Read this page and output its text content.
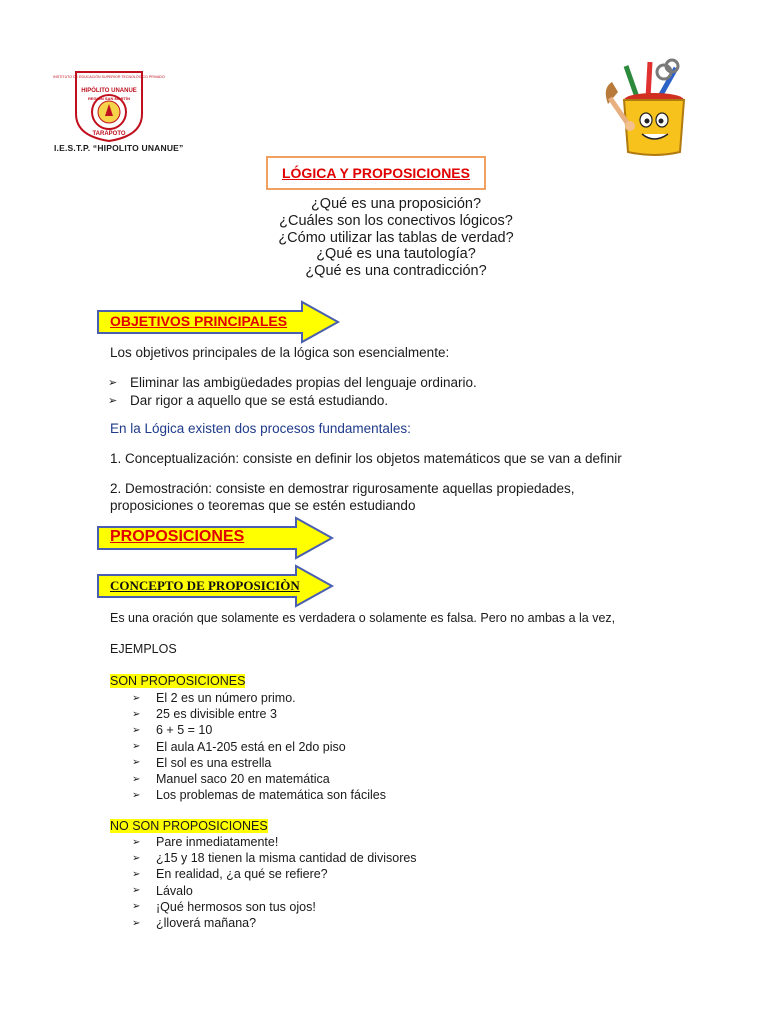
INSTITUTO DE EDUCACIÓN SUPERIOR TECNOLÓGICO PRIVADO
HIPÓLITO UNANUE
REGIÓN SAN MARTÍN
TARAPOTO
I.E.S.T.P. “HIPOLITO UNANUE”
LÓGICA Y PROPOSICIONES
¿Qué es una proposición?
¿Cuáles son los conectivos lógicos?
¿Cómo utilizar las tablas de verdad?
¿Qué es una tautología?
¿Qué es una contradicción?
OBJETIVOS PRINCIPALES
Los objetivos principales de la lógica son esencialmente:
➢ Eliminar las ambigüedades propias del lenguaje ordinario.
➢ Dar rigor a aquello que se está estudiando.
En la Lógica existen dos procesos fundamentales:
1. Conceptualización: consiste en definir los objetos matemáticos que se van a definir
2. Demostración: consiste en demostrar rigurosamente aquellas propiedades,
proposiciones o teoremas que se estén estudiando
PROPOSICIONES
CONCEPTO DE PROPOSICIÒN
Es una oración que solamente es verdadera o solamente es falsa. Pero no ambas a la vez,
EJEMPLOS
SON PROPOSICIONES
➢	El 2 es un número primo.
➢	25 es divisible entre 3
➢	6 + 5 = 10
➢	El aula A1-205 está en el 2do piso
➢	El sol es una estrella
➢	Manuel saco 20 en matemática
➢	Los problemas de matemática son fáciles
NO SON PROPOSICIONES
➢	Pare inmediatamente!
➢	¿15 y 18 tienen la misma cantidad de divisores
➢	En realidad, ¿a qué se refiere?
➢	Lávalo
➢	¡Qué hermosos son tus ojos!
➢	¿lloverá mañana?
